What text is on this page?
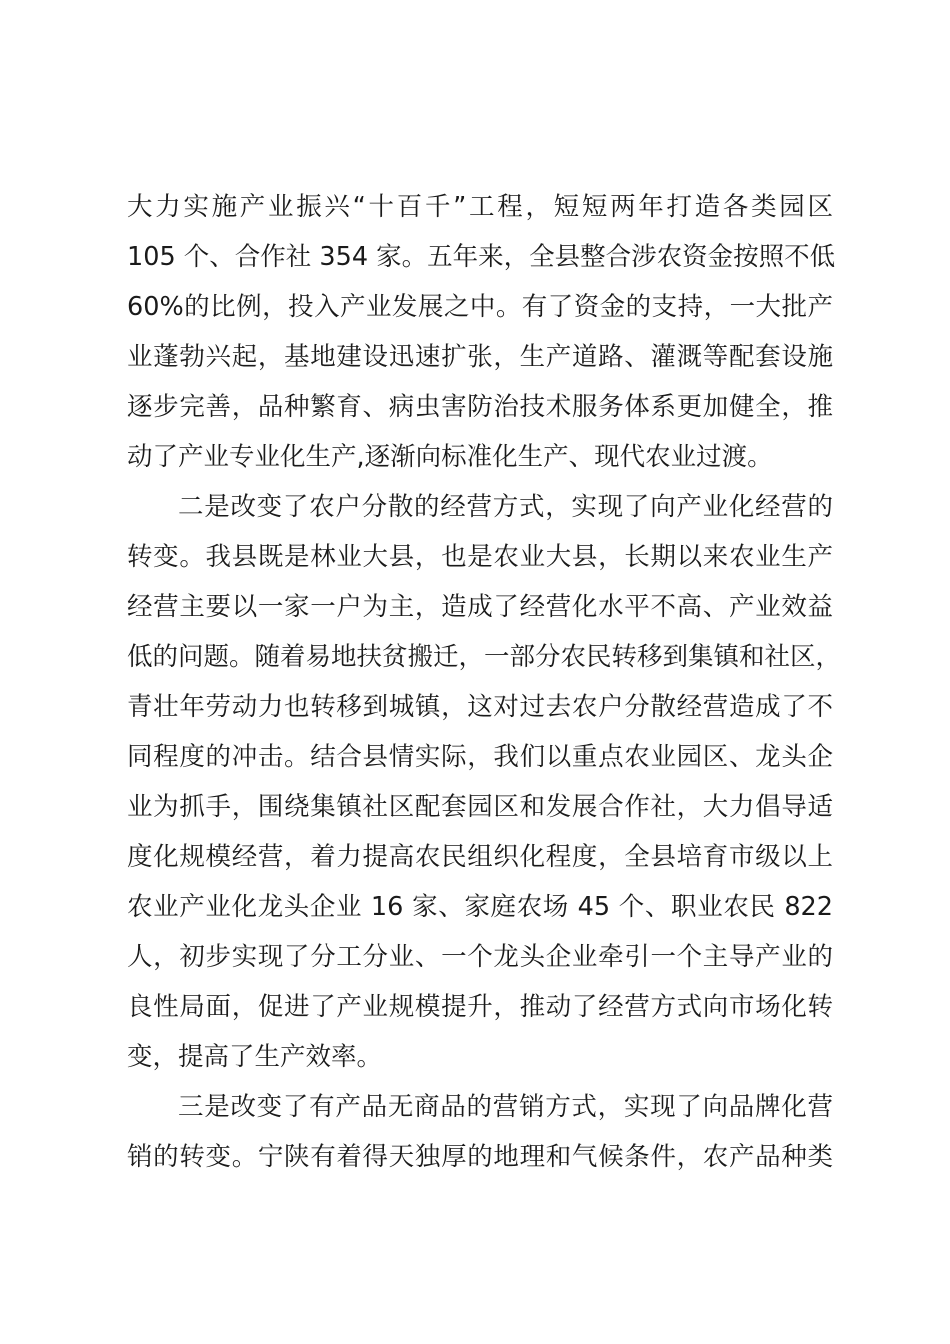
大力实施产业振兴“十百千”工程，短短两年打造各类园区
105 个、合作社 354 家。五年来，全县整合涉农资金按照不低
60%的比例，投入产业发展之中。有了资金的支持，一大批产
业蓬勃兴起，基地建设迅速扩张，生产道路、灌溉等配套设施
逐步完善，品种繁育、病虫害防治技术服务体系更加健全，推
动了产业专业化生产,逐渐向标准化生产、现代农业过渡。
二是改变了农户分散的经营方式，实现了向产业化经营的
转变。我县既是林业大县，也是农业大县，长期以来农业生产
经营主要以一家一户为主，造成了经营化水平不高、产业效益
低的问题。随着易地扶贫搬迁，一部分农民转移到集镇和社区，
青壮年劳动力也转移到城镇，这对过去农户分散经营造成了不
同程度的冲击。结合县情实际，我们以重点农业园区、龙头企
业为抓手，围绕集镇社区配套园区和发展合作社，大力倡导适
度化规模经营，着力提高农民组织化程度，全县培育市级以上
农业产业化龙头企业 16 家、家庭农场 45 个、职业农民 822
人，初步实现了分工分业、一个龙头企业牵引一个主导产业的
良性局面，促进了产业规模提升，推动了经营方式向市场化转
变，提高了生产效率。
三是改变了有产品无商品的营销方式，实现了向品牌化营
销的转变。宁陕有着得天独厚的地理和气候条件，农产品种类
